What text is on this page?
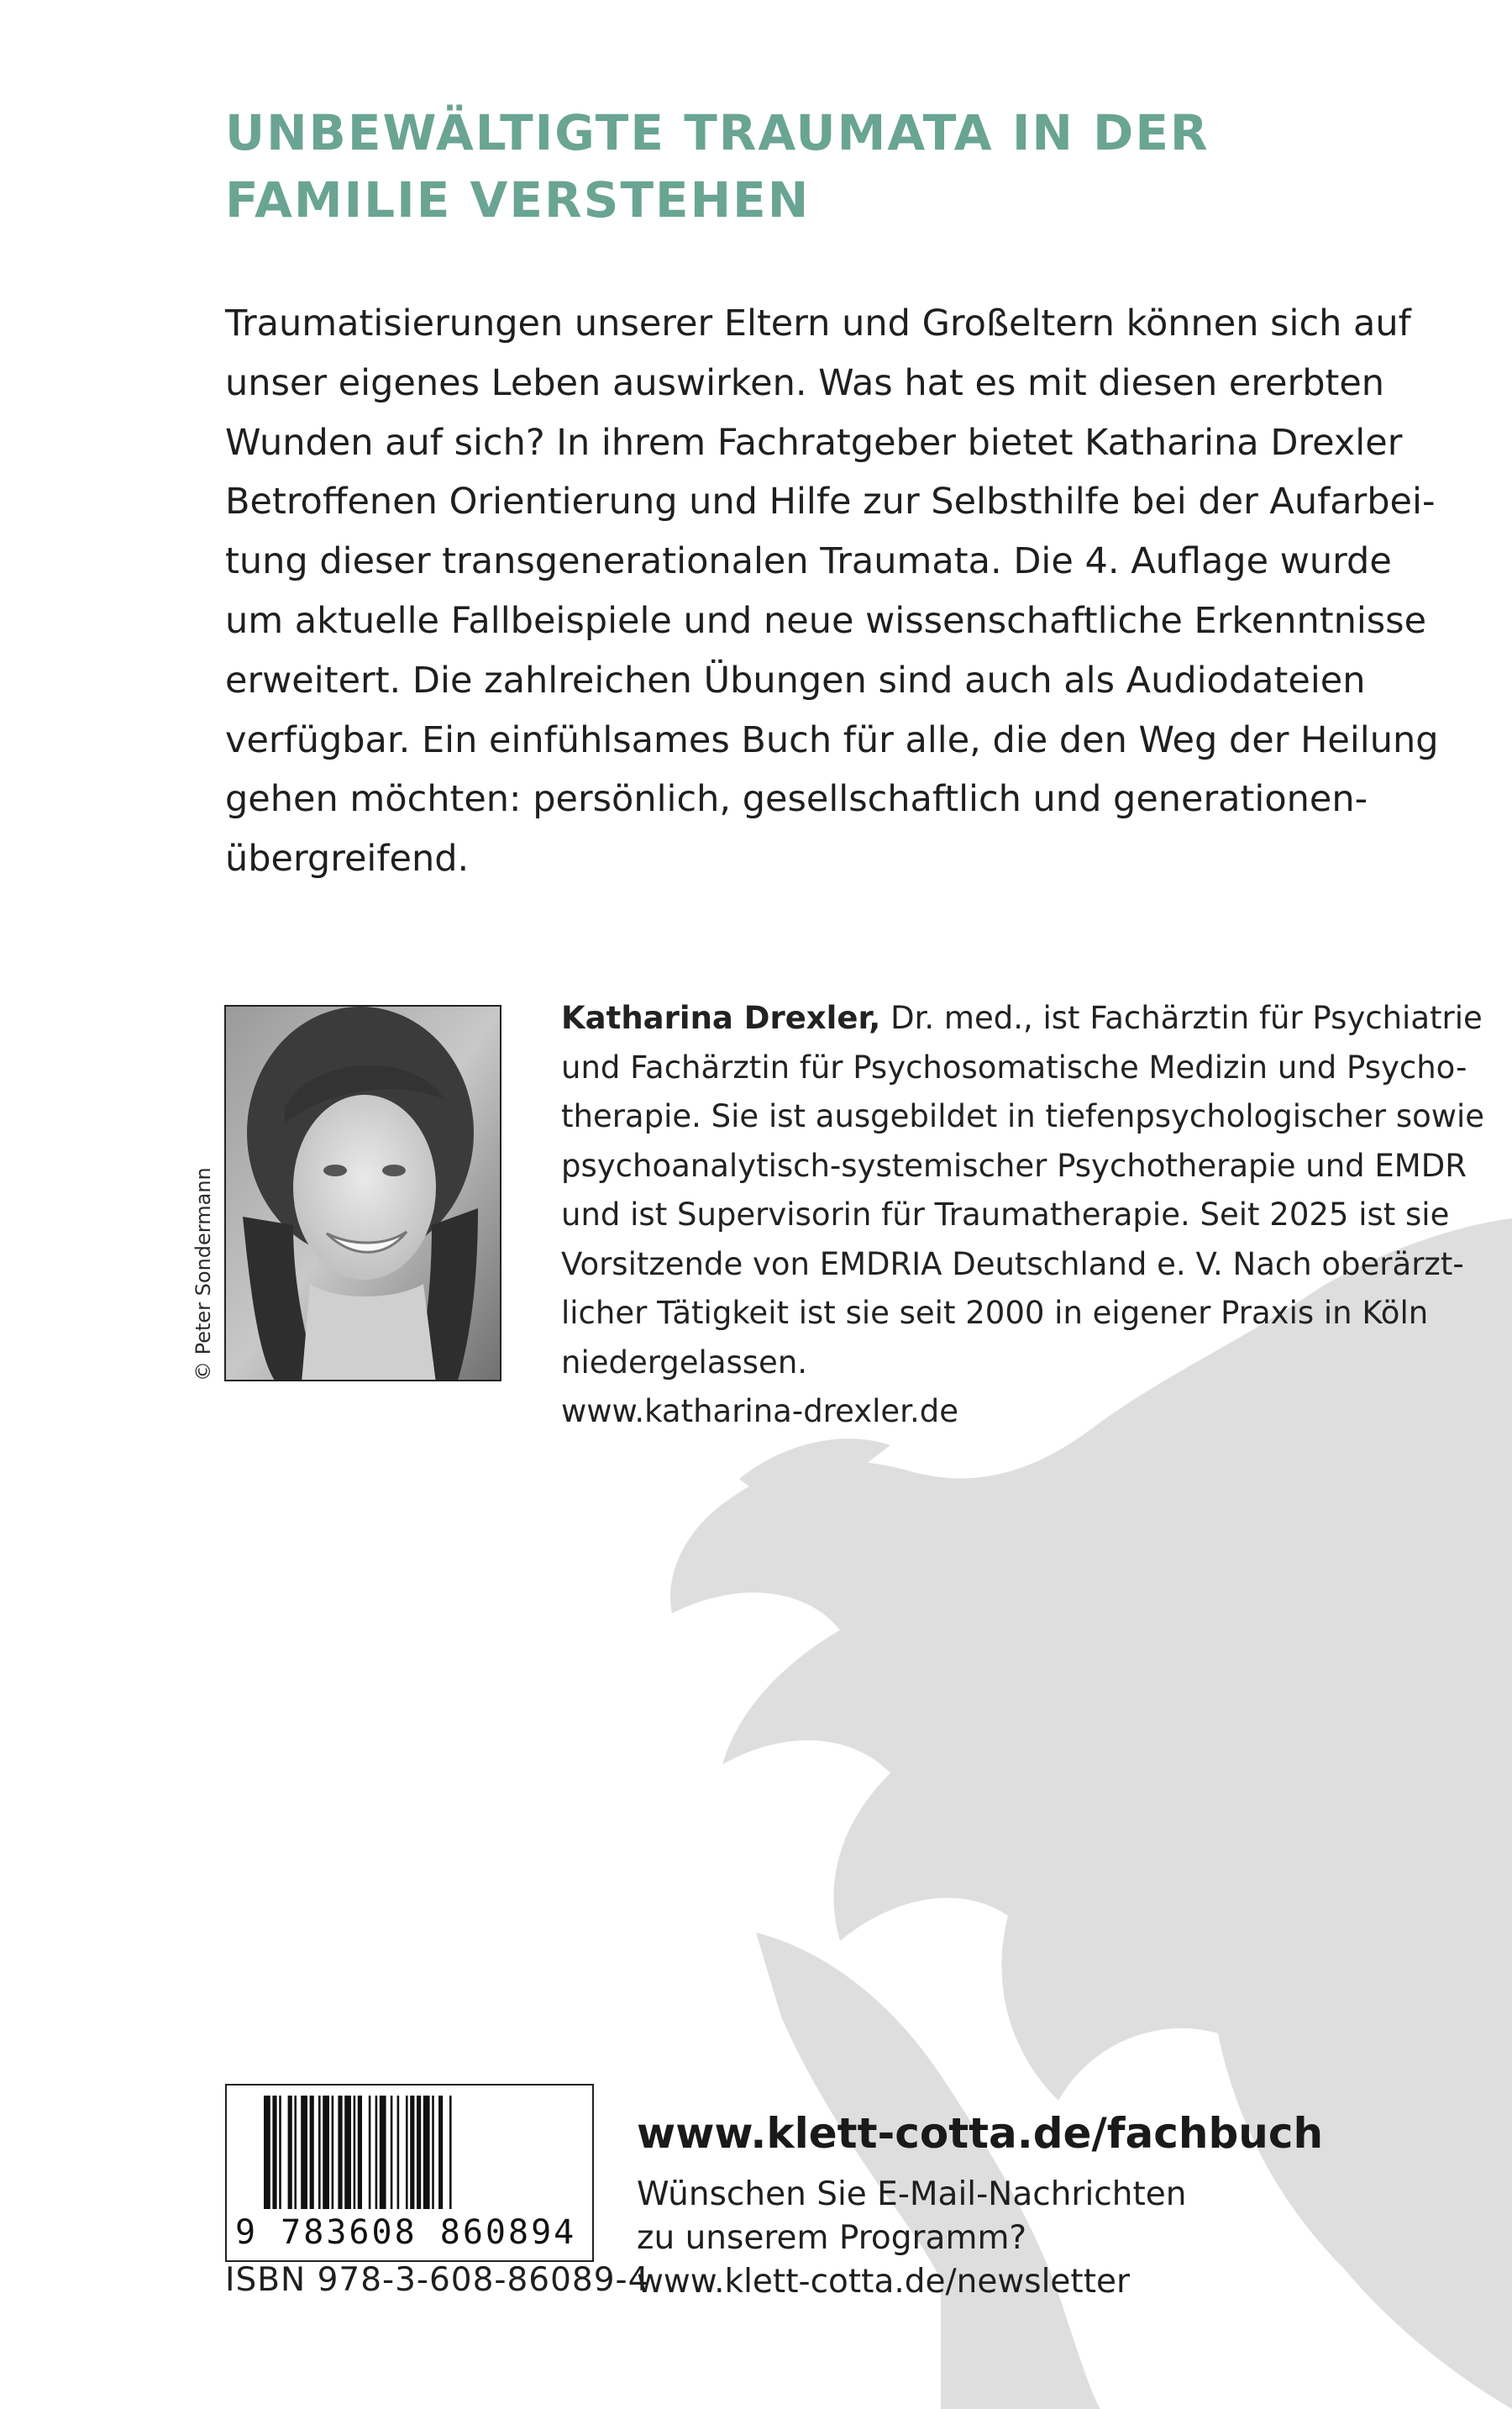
UNBEWÄLTIGTE TRAUMATA IN DER
FAMILIE VERSTEHEN
Traumatisierungen unserer Eltern und Großeltern können sich auf
unser eigenes Leben auswirken. Was hat es mit diesen ererbten
Wunden auf sich? In ihrem Fachratgeber bietet Katharina Drexler
Betroffenen Orientierung und Hilfe zur Selbsthilfe bei der Aufarbei-
tung dieser transgenerationalen Traumata. Die 4. Auflage wurde
um aktuelle Fallbeispiele und neue wissenschaftliche Erkenntnisse
erweitert. Die zahlreichen Übungen sind auch als Audiodateien
verfügbar. Ein einfühlsames Buch für alle, die den Weg der Heilung
gehen möchten: persönlich, gesellschaftlich und generationen-
übergreifend.
© Peter Sondermann
Katharina Drexler, Dr. med., ist Fachärztin für Psychiatrie
und Fachärztin für Psychosomatische Medizin und Psycho-
therapie. Sie ist ausgebildet in tiefenpsychologischer sowie
psychoanalytisch-systemischer Psychotherapie und EMDR
und ist Supervisorin für Traumatherapie. Seit 2025 ist sie
Vorsitzende von EMDRIA Deutschland e. V. Nach oberärzt-
licher Tätigkeit ist sie seit 2000 in eigener Praxis in Köln
niedergelassen.
www.katharina-drexler.de
9 783608 860894
ISBN 978-3-608-86089-4
www.klett-cotta.de/fachbuch
Wünschen Sie E-Mail-Nachrichten
zu unserem Programm?
www.klett-cotta.de/newsletter
